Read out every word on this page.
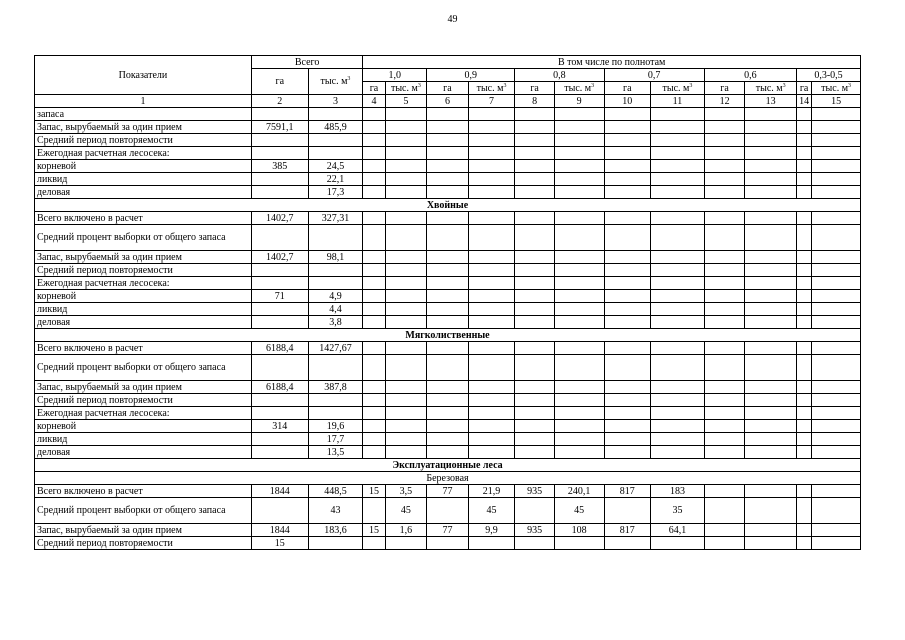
49
Показатели	Всего		В том числе по полнотам											
	га	тыс. $м^3$	1,0		0,9		0,8		0,7		0,6		0,3-0,5	
			га	тыс. $м^3$	га	тыс. $м^3$	га	тыс. $м^3$	га	тыс. $м^3$	га	тыс. $м^3$	га	тыс. $м^3$
1	2	3	4	5	6	7	8	9	10	11	12	13	14	15
запаса														
Запас, вырубаемый за один прием	7591,1	485,9												
Средний период повторяемости														
Ежегодная расчетная лесосека:														
корневой	385	24,5												
ликвид		22,1												
деловая		17,3												
Хвойные														
Всего включено в расчет	1402,7	327,31												
Средний процент выборки от общего запаса														
Запас, вырубаемый за один прием	1402,7	98,1												
Средний период повторяемости														
Ежегодная расчетная лесосека:														
корневой	71	4,9												
ликвид		4,4												
деловая		3,8												
Мягколиственные														
Всего включено в расчет	6188,4	1427,67												
Средний процент выборки от общего запаса														
Запас, вырубаемый за один прием	6188,4	387,8												
Средний период повторяемости														
Ежегодная расчетная лесосека:														
корневой	314	19,6												
ликвид		17,7												
деловая		13,5												
Эксплуатационные леса														
Березовая														
Всего включено в расчет	1844	448,5	15	3,5	77	21,9	935	240,1	817	183				
Средний процент выборки от общего запаса		43		45		45		45		35				
Запас, вырубаемый за один прием	1844	183,6	15	1,6	77	9,9	935	108	817	64,1				
Средний период повторяемости	15													
